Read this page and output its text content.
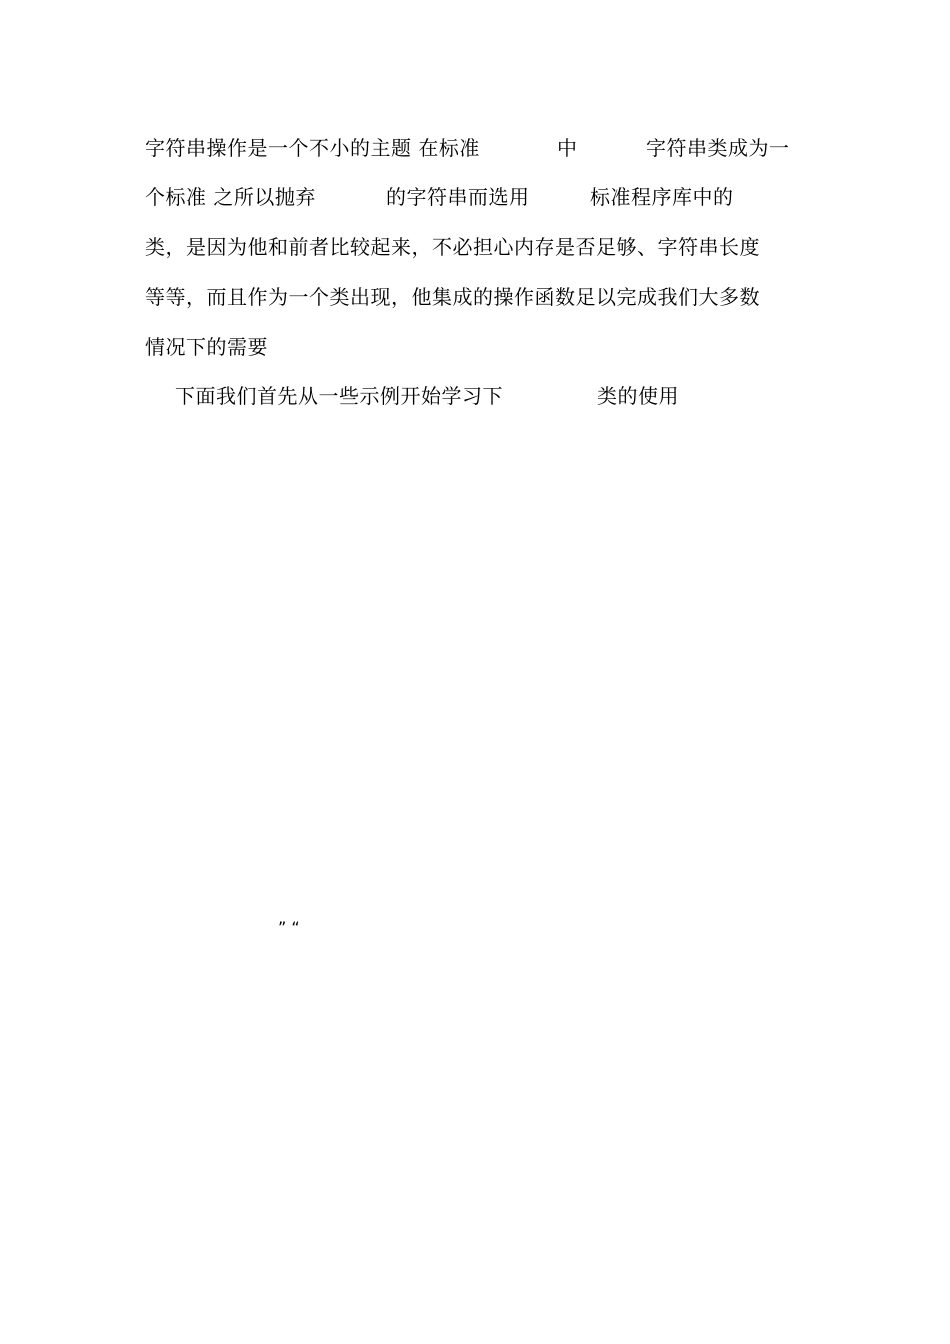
字符串操作是一个不小的主题 在标准	中	字符串类成为一
个标准 之所以抛弃	的字符串而选用	标准程序库中的
类，是因为他和前者比较起来，不必担心内存是否足够、字符串长度
等等，而且作为一个类出现，他集成的操作函数足以完成我们大多数
情况下的需要
下面我们首先从一些示例开始学习下	类的使用
” “
